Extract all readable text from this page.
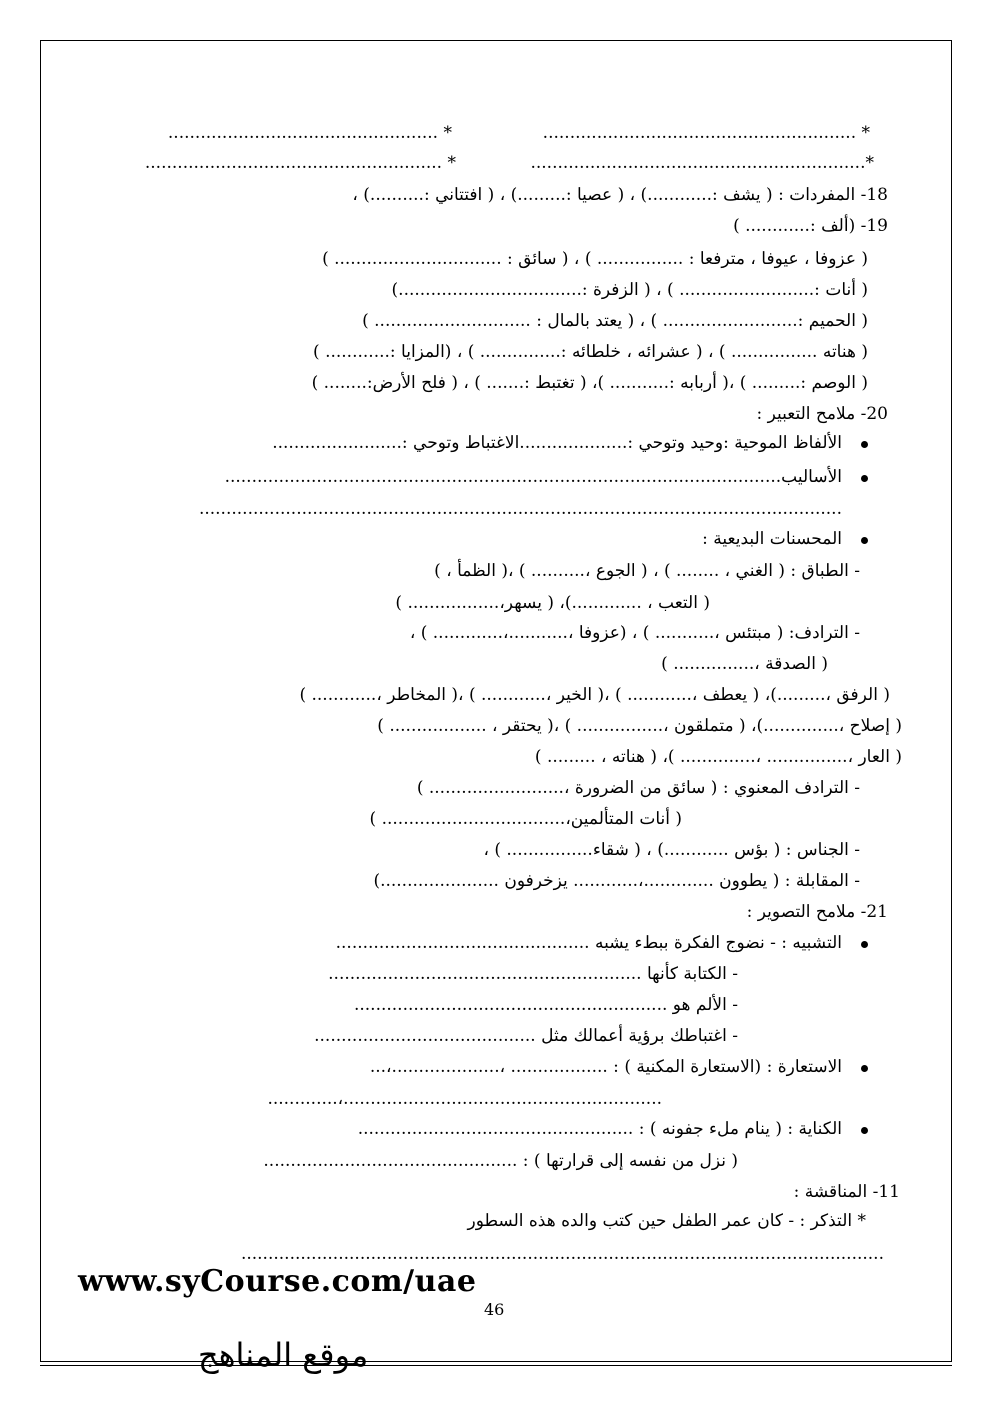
* ..........................................................
* ..................................................
*..............................................................
* .......................................................
18- المفردات : ( يشف :............) ، ( عصيا :.........) ، ( افتتاني :..........) ،
19- (ألف :............ )
( عزوفا ، عيوفا ، مترفعا : ................ ) ، ( سائق : ............................... )
( أنات :......................... ) ، ( الزفرة :..................................)
( الحميم :......................... ) ، ( يعتد بالمال : ............................. )
( هناته ................ ) ، ( عشرائه ، خلطائه :............... ) ، (المزايا :............ )
( الوصم :......... ) ،( أربابه :........... )، ( تغتبط :....... ) ، ( فلح الأرض:........ )
20- ملامح التعبير :
الألفاظ الموحية :وحيد وتوحي :....................الاغتباط وتوحي :........................
الأساليب.......................................................................................................
.......................................................................................................................
المحسنات البديعية :
- الطباق : ( الغني ، ........ ) ، ( الجوع ،.......... ) ،( الظمأ ، )
( التعب ، .............)، ( يسهر،................. )
- الترادف: ( مبتئس ،........... ) ، (عزوفا ،...........،............. ) ،
( الصدقة ،............... )
( الرفق ،.........)، ( يعطف ،............ ) ،( الخير ،............ ) ،( المخاطر ،............ )
( إصلاح ،..............)، ( متملقون ،................ ) ،( يحتقر ، .................. )
( العار ،............... ،.............. )، ( هناته ، ......... )
- الترادف المعنوي : ( سائق من الضرورة ،......................... )
( أنات المتألمين،.................................. )
- الجناس : ( بؤس ............) ، ( شقاء................ ) ،
- المقابلة : ( يطوون .............،............ يزخرفون ......................)
21- ملامح التصوير :
التشبيه : - نضوج الفكرة ببطء يشبه ...............................................
- الكتابة كأنها ..........................................................
- الألم هو ..........................................................
- اغتباطك برؤية أعمالك مثل .........................................
الاستعارة : (الاستعارة المكنية ) : .................. ،....................،...
...........................................................،.............
الكناية : ( ينام ملء جفونه ) : ...................................................
( نزل من نفسه إلى قرارتها ) : ...............................................
11- المناقشة :
* التذكر : - كان عمر الطفل حين كتب والده هذه السطور
.......................................................................................................................
www.syCourse.com/uae
46
موقع المناهج
